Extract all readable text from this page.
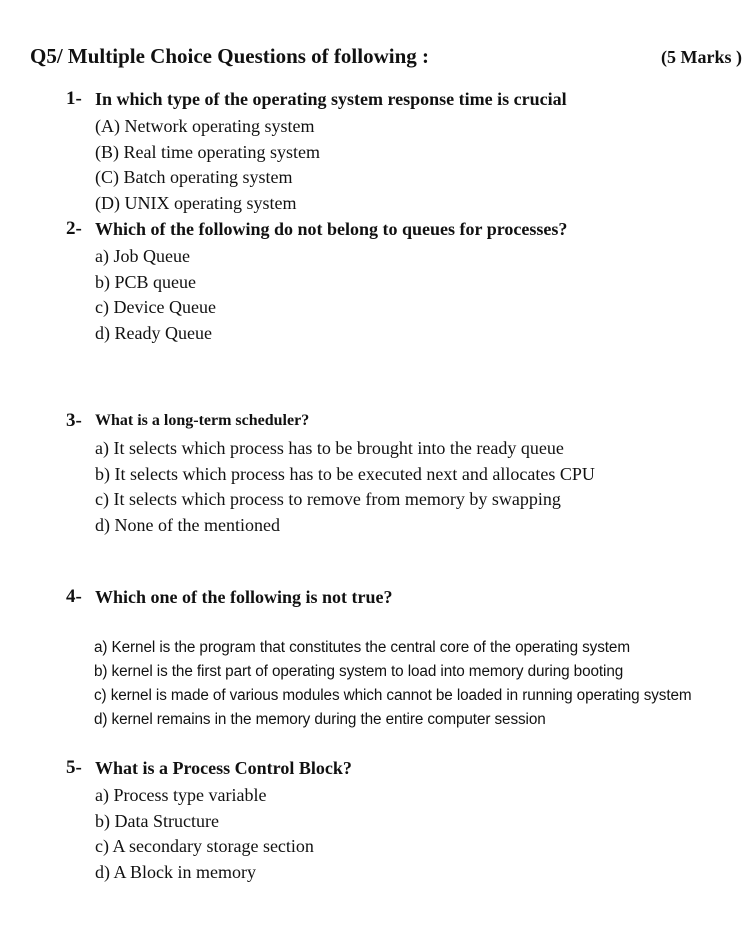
Q5/ Multiple Choice Questions of following :	(5 Marks )
1- In which type of the operating system response time is crucial
(A) Network operating system
(B) Real time operating system
(C) Batch operating system
(D) UNIX operating system
2- Which of the following do not belong to queues for processes?
a) Job Queue
b) PCB queue
c) Device Queue
d) Ready Queue
3- What is a long-term scheduler?
a) It selects which process has to be brought into the ready queue
b) It selects which process has to be executed next and allocates CPU
c) It selects which process to remove from memory by swapping
d) None of the mentioned
4- Which one of the following is not true?
a) Kernel is the program that constitutes the central core of the operating system
b) kernel is the first part of operating system to load into memory during booting
c) kernel is made of various modules which cannot be loaded in running operating system
d) kernel remains in the memory during the entire computer session
5- What is a Process Control Block?
a) Process type variable
b) Data Structure
c) A secondary storage section
d) A Block in memory
